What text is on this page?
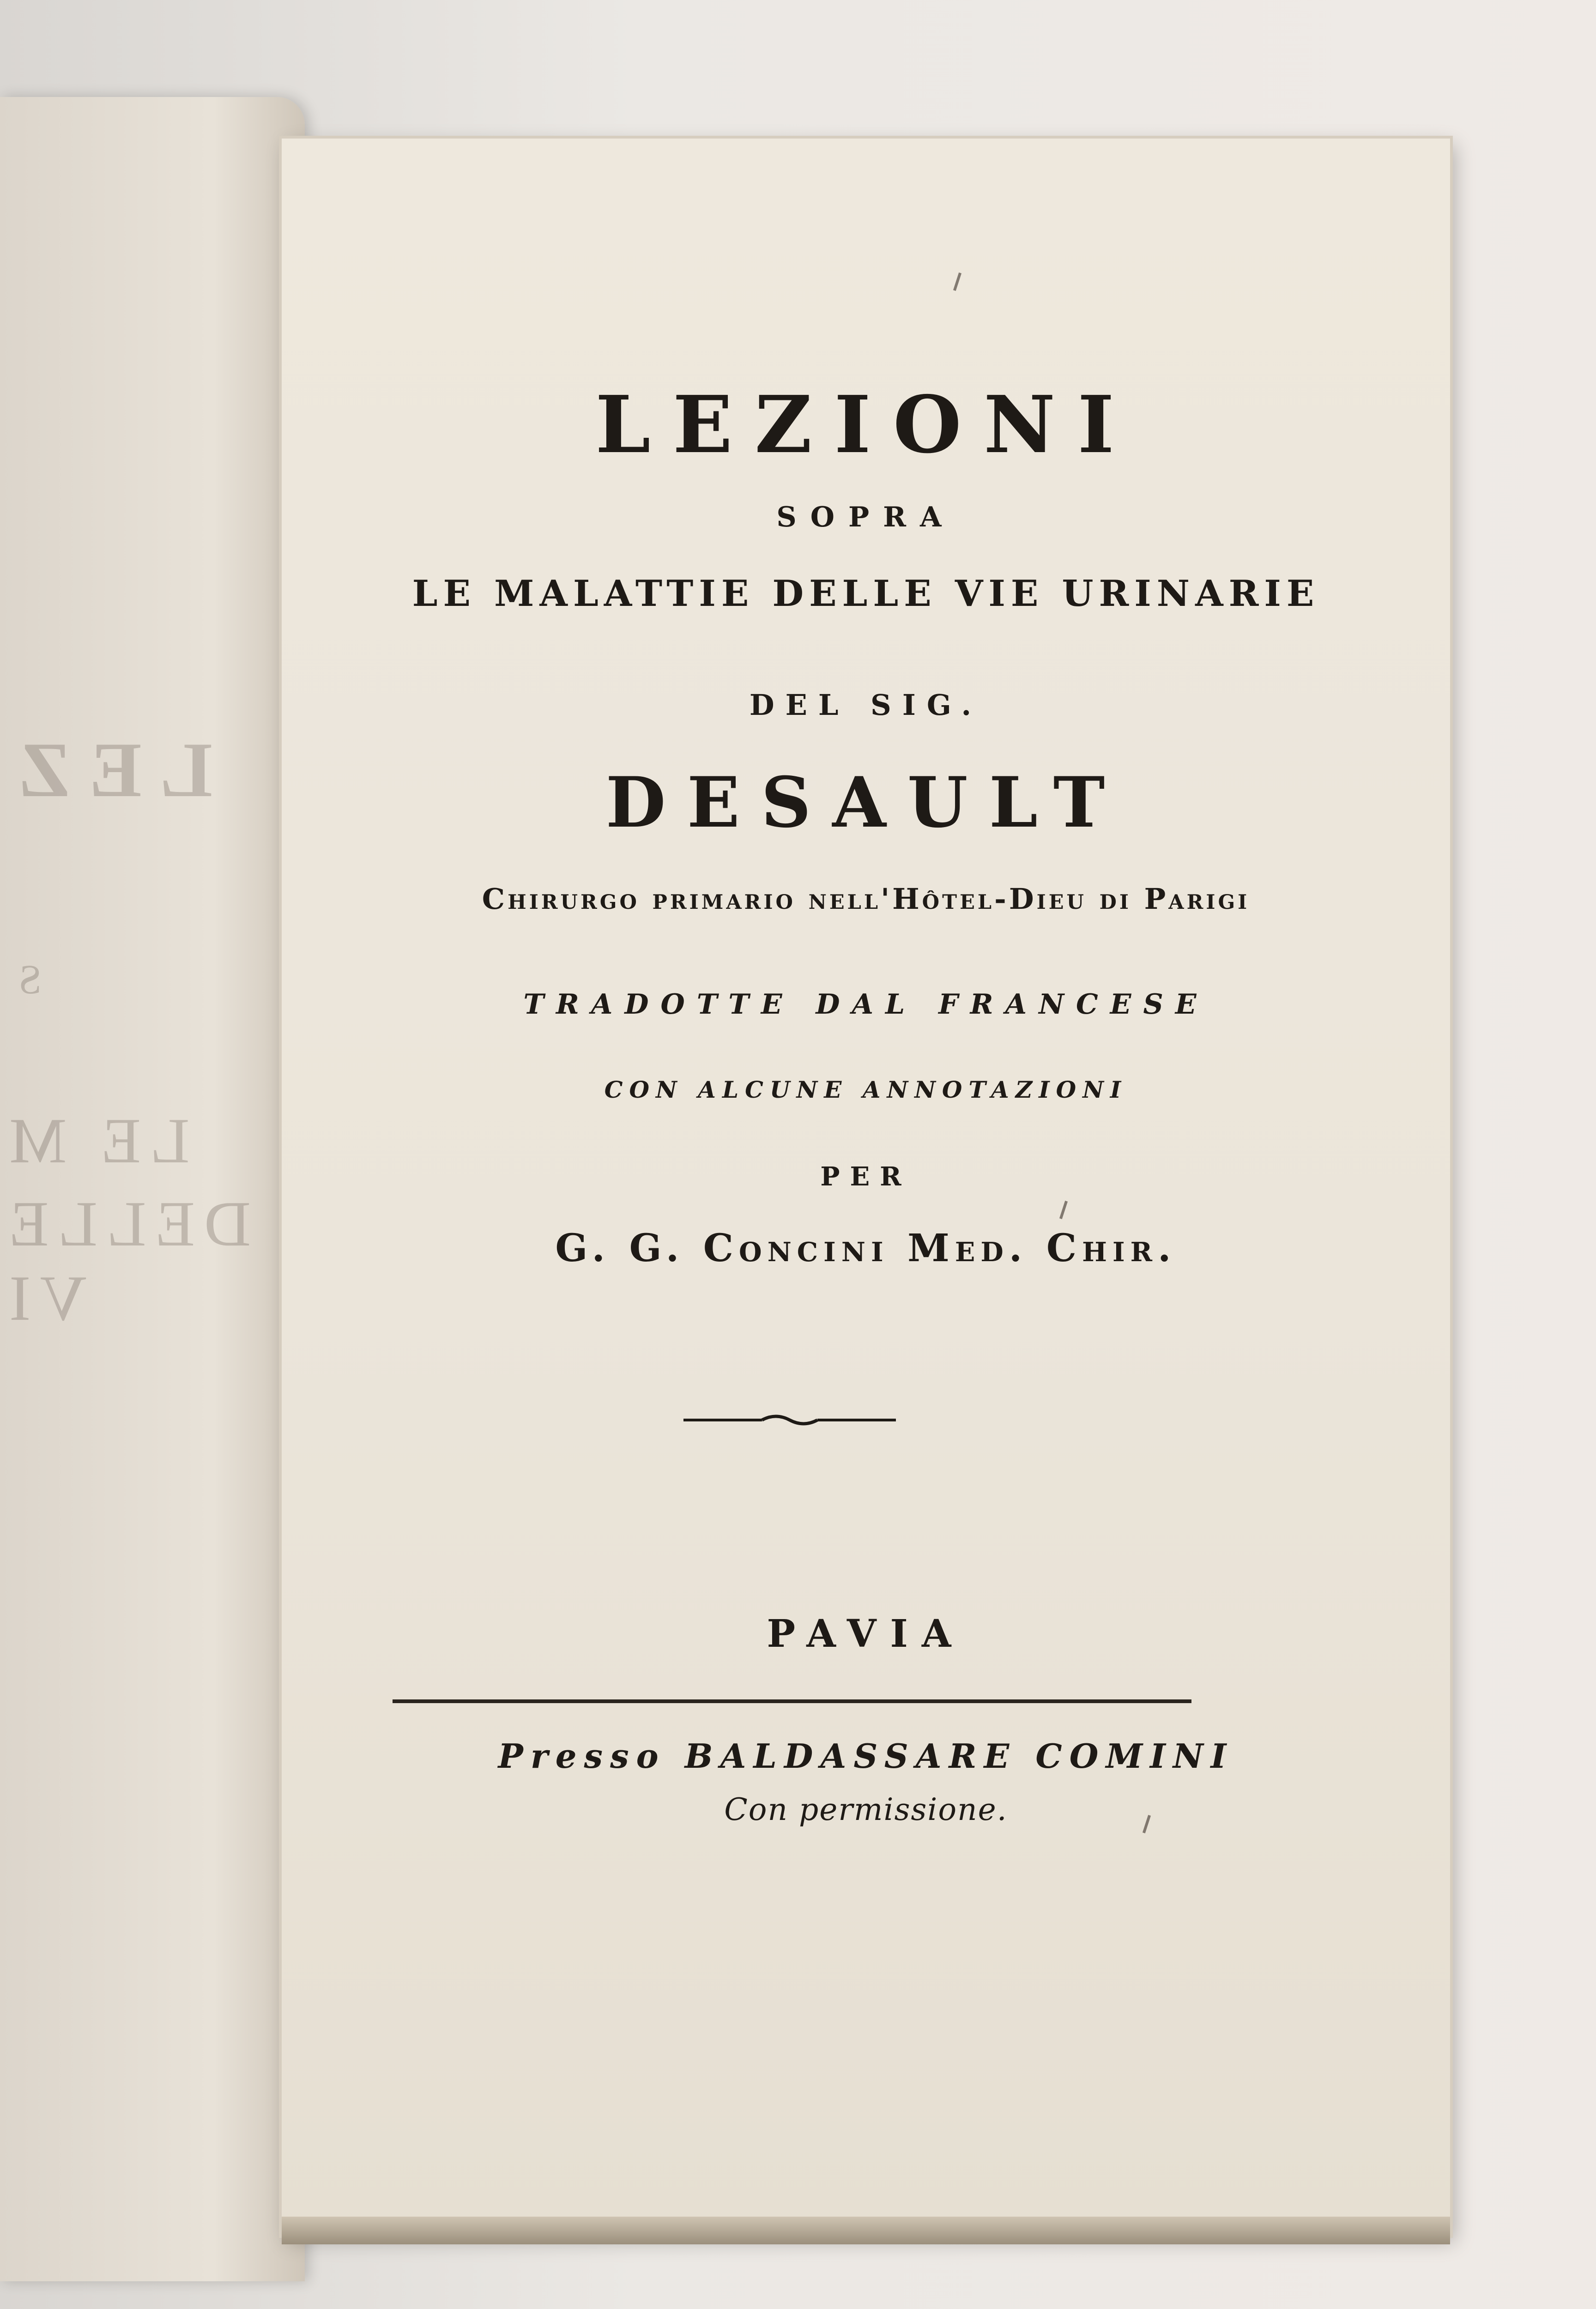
LEZ
S
LE M
DELLE VI
LEZIONI
SOPRA
LE MALATTIE DELLE VIE URINARIE
DEL SIG.
DESAULT
Chirurgo primario nell'Hôtel-Dieu di Parigi
TRADOTTE DAL FRANCESE
CON ALCUNE ANNOTAZIONI
PER
G. G. Concini Med. Chir.
PAVIA
Presso BALDASSARE COMINI
Con permissione.
